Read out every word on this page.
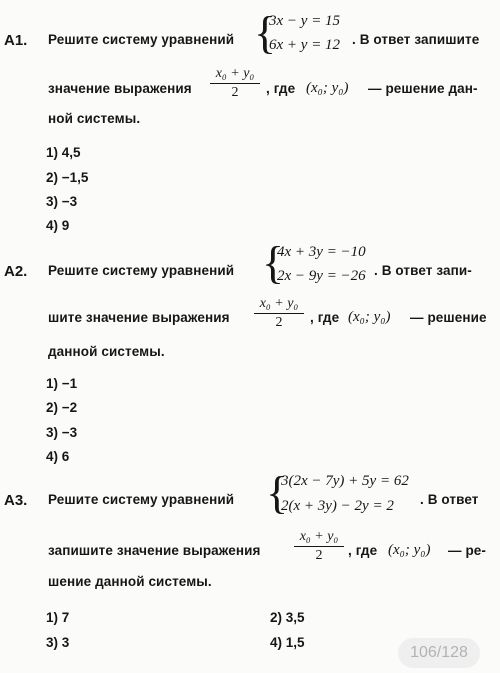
A1. Решите систему уравнений {
3x − y = 15
6x + y = 12 . В ответ запишите
значение выражения
x₀ + y₀
2	, где (x₀; y₀) — решение дан-
ной системы.
1) 4,5
2) −1,5
3) −3
4) 9
А2. Решите систему уравнений {
4x + 3y = −10
2x − 9y = −26 . В ответ запи-
шите значение выражения
x₀ + y₀
2	, где (x₀; y₀) — решение
данной системы.
1) −1
2) −2
3) −3
4) 6
А3. Решите систему уравнений {
3(2x − 7y) + 5y = 62
2(x + 3y) − 2y = 2 . В ответ
запишите значение выражения
x₀ + y₀
2	, где (x₀; y₀) — ре-
шение данной системы.
1) 7	2) 3,5
3) 3	4) 1,5
106/128
